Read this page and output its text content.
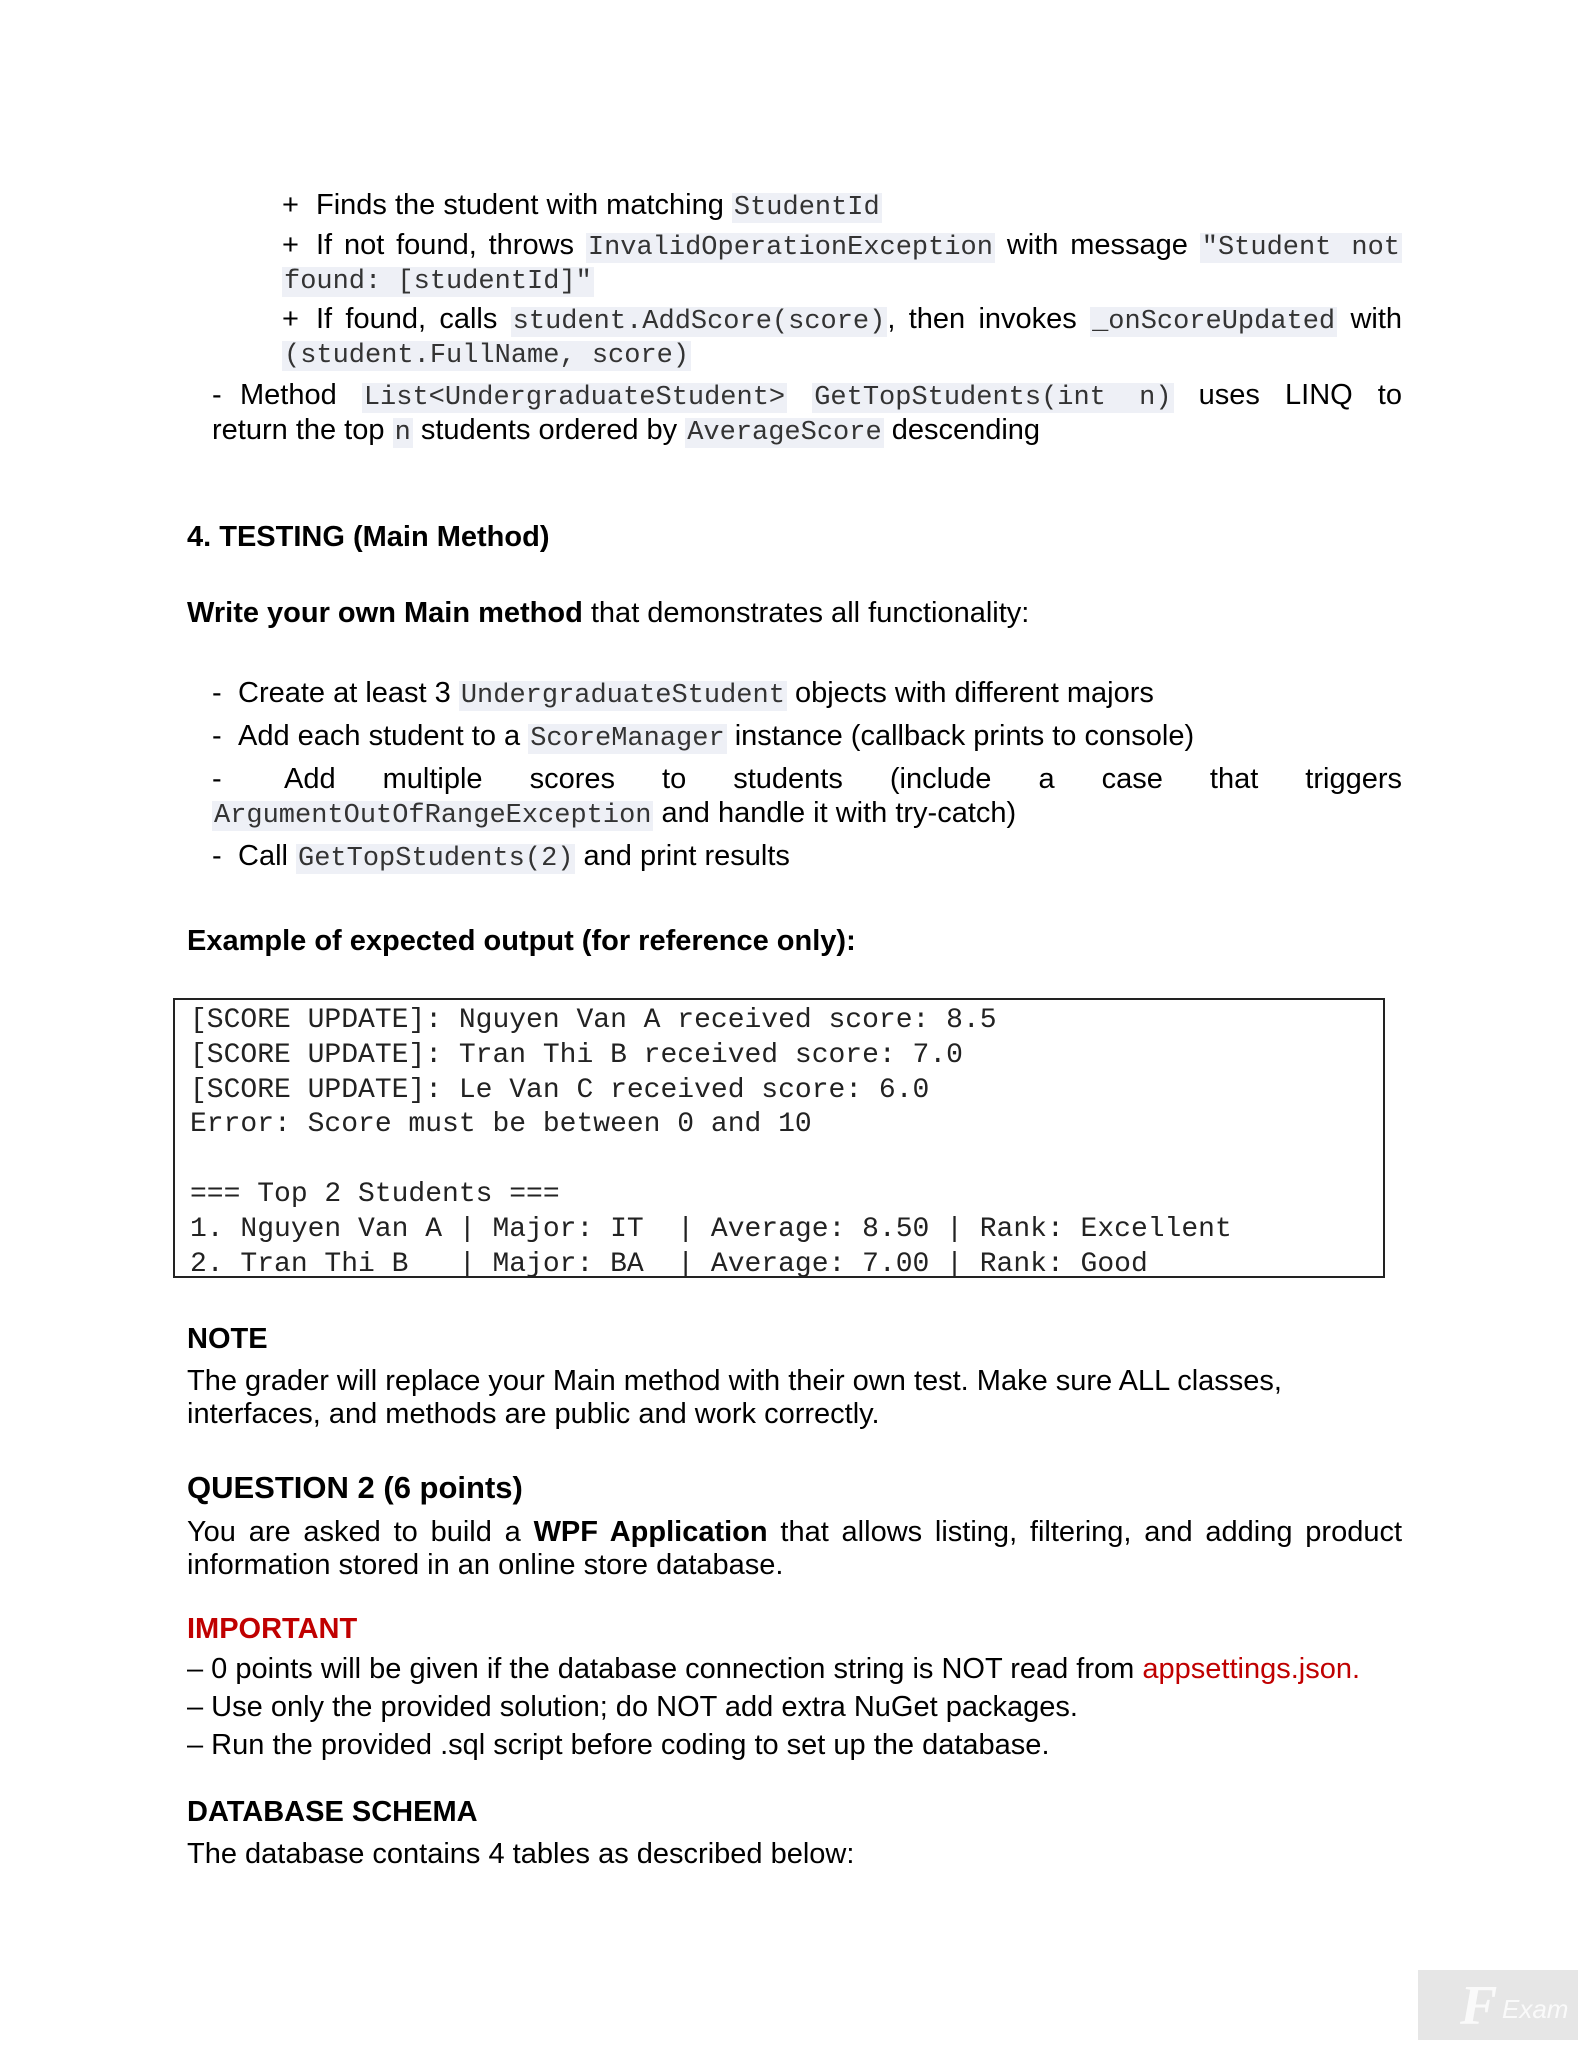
+ Finds the student with matching StudentId
+ If not found, throws InvalidOperationException with message "Student not
found: [studentId]"
+ If found, calls student.AddScore(score), then invokes _onScoreUpdated with
(student.FullName, score)
- Method List<UndergraduateStudent> GetTopStudents(int n) uses LINQ to
return the top n students ordered by AverageScore descending
4. TESTING (Main Method)
Write your own Main method that demonstrates all functionality:
- Create at least 3 UndergraduateStudent objects with different majors
- Add each student to a ScoreManager instance (callback prints to console)
- Add multiple scores to students (include a case that triggers
ArgumentOutOfRangeException and handle it with try-catch)
- Call GetTopStudents(2) and print results
Example of expected output (for reference only):
[SCORE UPDATE]: Nguyen Van A received score: 8.5
[SCORE UPDATE]: Tran Thi B received score: 7.0
[SCORE UPDATE]: Le Van C received score: 6.0
Error: Score must be between 0 and 10

=== Top 2 Students ===
1. Nguyen Van A | Major: IT  | Average: 8.50 | Rank: Excellent
2. Tran Thi B   | Major: BA  | Average: 7.00 | Rank: Good
NOTE
The grader will replace your Main method with their own test. Make sure ALL classes,
interfaces, and methods are public and work correctly.
QUESTION 2 (6 points)
You are asked to build a WPF Application that allows listing, filtering, and adding product
information stored in an online store database.
IMPORTANT
– 0 points will be given if the database connection string is NOT read from appsettings.json.
– Use only the provided solution; do NOT add extra NuGet packages.
– Run the provided .sql script before coding to set up the database.
DATABASE SCHEMA
The database contains 4 tables as described below:
F Exam
